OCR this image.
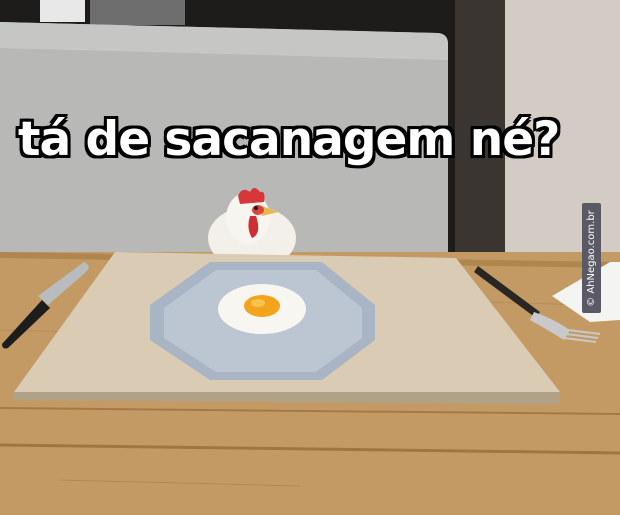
tá de sacanagem né?
© AhNegao.com.br
